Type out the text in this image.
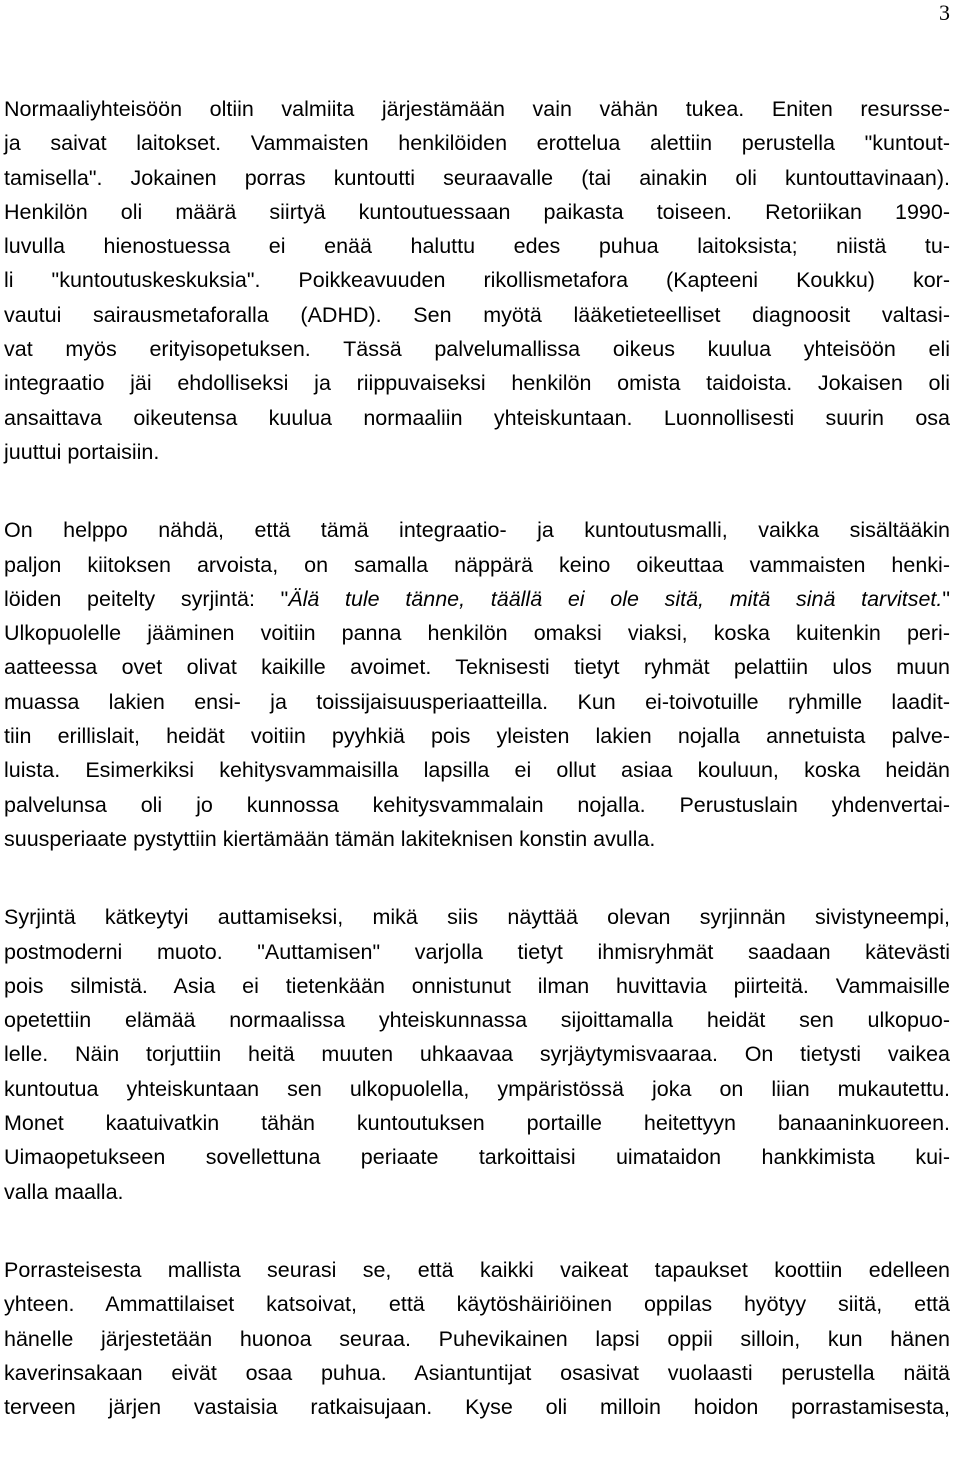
3

Normaaliyhteisöön oltiin valmiita järjestämään vain vähän tukea. Eniten resursse-
ja saivat laitokset. Vammaisten henkilöiden erottelua alettiin perustella "kuntout-
tamisella". Jokainen porras kuntoutti seuraavalle (tai ainakin oli kuntouttavinaan).
Henkilön oli määrä siirtyä kuntoutuessaan paikasta toiseen. Retoriikan 1990-
luvulla hienostuessa ei enää haluttu edes puhua laitoksista; niistä tu-
li "kuntoutuskeskuksia". Poikkeavuuden rikollismetafora (Kapteeni Koukku) kor-
vautui sairausmetaforalla (ADHD). Sen myötä lääketieteelliset diagnoosit valtasi-
vat myös erityisopetuksen. Tässä palvelumallissa oikeus kuulua yhteisöön eli
integraatio jäi ehdolliseksi ja riippuvaiseksi henkilön omista taidoista. Jokaisen oli
ansaittava oikeutensa kuulua normaaliin yhteiskuntaan. Luonnollisesti suurin osa
juuttui portaisiin.

On helppo nähdä, että tämä integraatio- ja kuntoutusmalli, vaikka sisältääkin
paljon kiitoksen arvoista, on samalla näppärä keino oikeuttaa vammaisten henki-
löiden peitelty syrjintä: "Älä tule tänne, täällä ei ole sitä, mitä sinä tarvitset."
Ulkopuolelle jääminen voitiin panna henkilön omaksi viaksi, koska kuitenkin peri-
aatteessa ovet olivat kaikille avoimet. Teknisesti tietyt ryhmät pelattiin ulos muun
muassa lakien ensi- ja toissijaisuusperiaatteilla. Kun ei-toivotuille ryhmille laadit-
tiin erillislait, heidät voitiin pyyhkiä pois yleisten lakien nojalla annetuista palve-
luista. Esimerkiksi kehitysvammaisilla lapsilla ei ollut asiaa kouluun, koska heidän
palvelunsa oli jo kunnossa kehitysvammalain nojalla. Perustuslain yhdenvertai-
suusperiaate pystyttiin kiertämään tämän lakiteknisen konstin avulla.

Syrjintä kätkeytyi auttamiseksi, mikä siis näyttää olevan syrjinnän sivistyneempi,
postmoderni muoto. "Auttamisen" varjolla tietyt ihmisryhmät saadaan kätevästi
pois silmistä. Asia ei tietenkään onnistunut ilman huvittavia piirteitä. Vammaisille
opetettiin elämää normaalissa yhteiskunnassa sijoittamalla heidät sen ulkopuo-
lelle. Näin torjuttiin heitä muuten uhkaavaa syrjäytymisvaaraa. On tietysti vaikea
kuntoutua yhteiskuntaan sen ulkopuolella, ympäristössä joka on liian mukautettu.
Monet kaatuivatkin tähän kuntoutuksen portaille heitettyyn banaaninkuoreen.
Uimaopetukseen sovellettuna periaate tarkoittaisi uimataidon hankkimista kui-
valla maalla.

Porrasteisesta mallista seurasi se, että kaikki vaikeat tapaukset koottiin edelleen
yhteen. Ammattilaiset katsoivat, että käytöshäiriöinen oppilas hyötyy siitä, että
hänelle järjestetään huonoa seuraa. Puhevikainen lapsi oppii silloin, kun hänen
kaverinsakaan eivät osaa puhua. Asiantuntijat osasivat vuolaasti perustella näitä
terveen järjen vastaisia ratkaisujaan. Kyse oli milloin hoidon porrastamisesta,
